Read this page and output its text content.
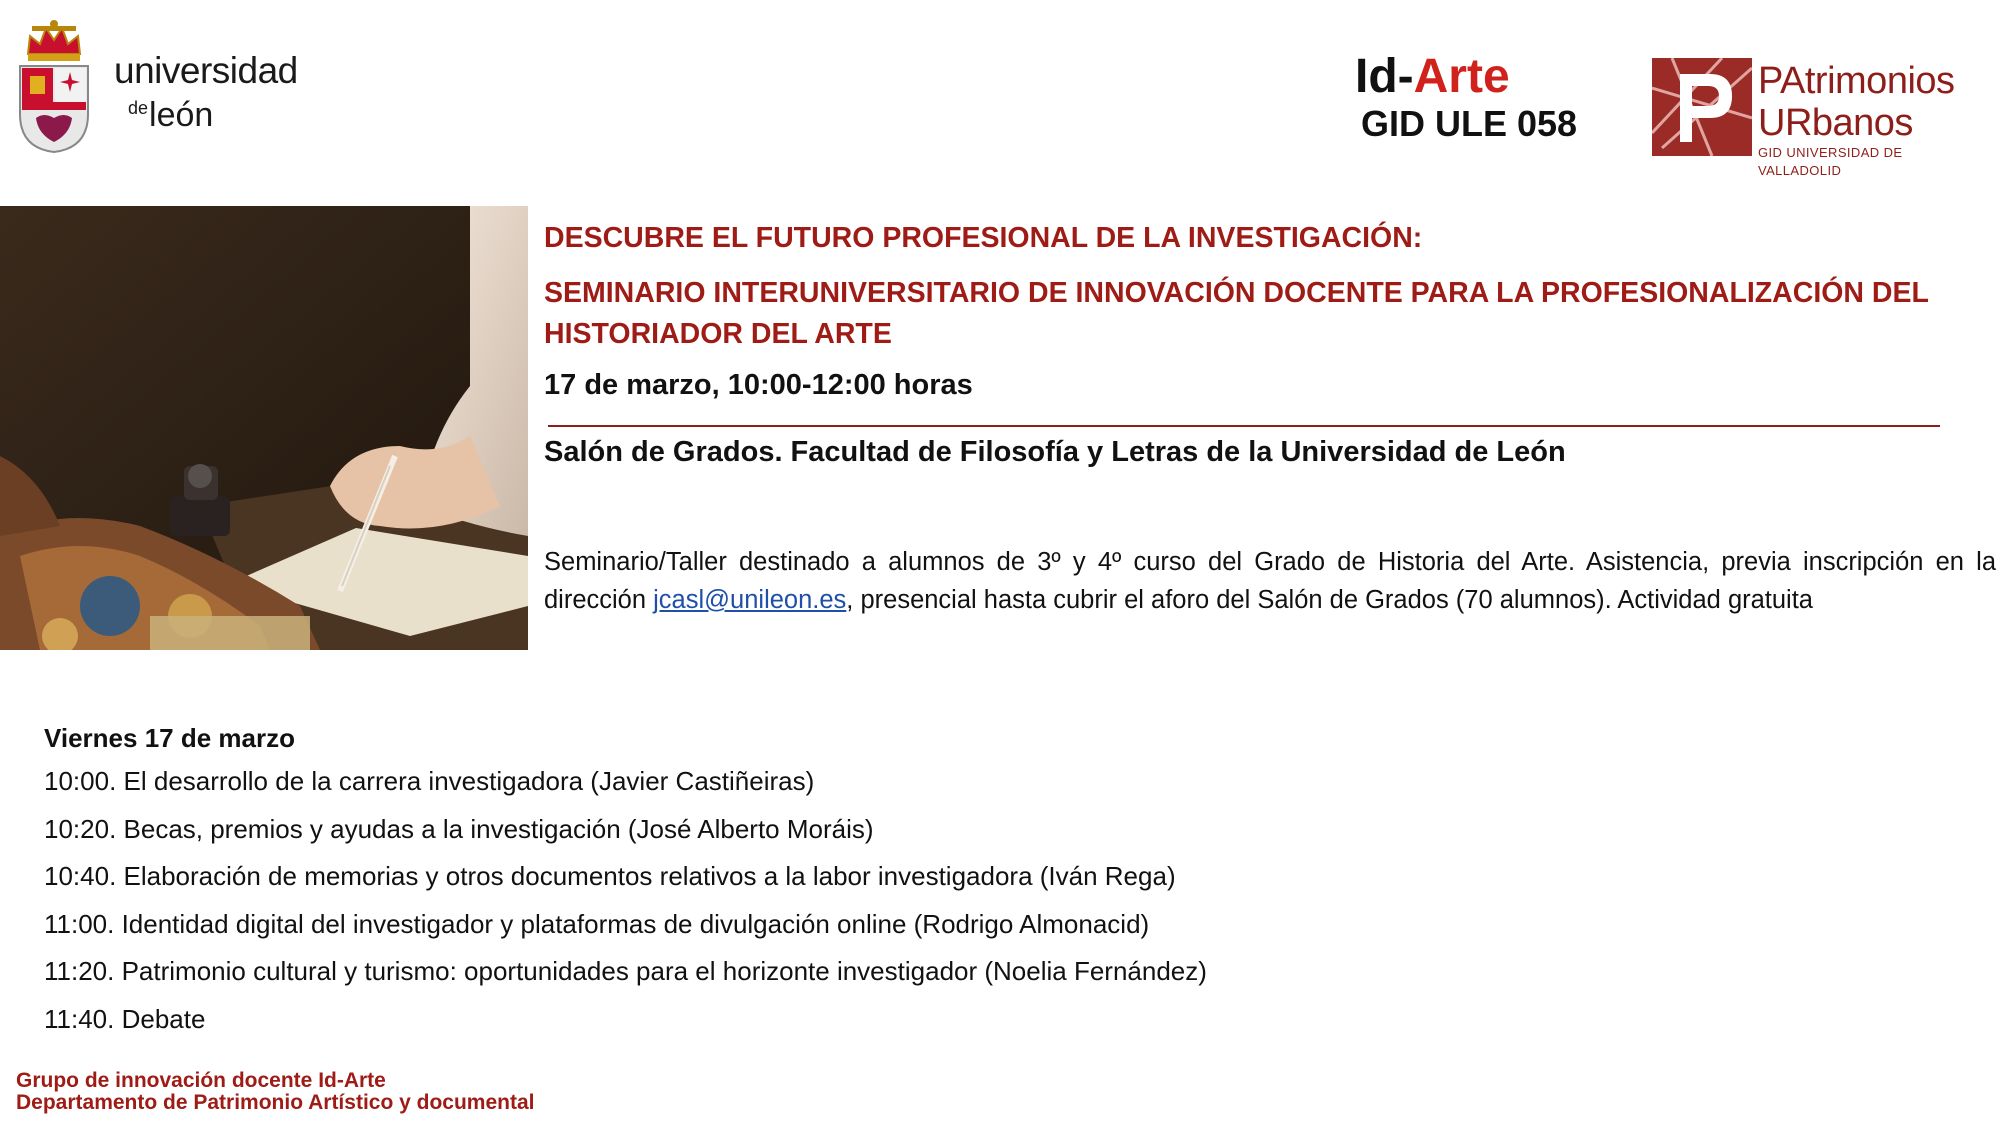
universidad
$^{de}$león
Id-Arte
GID ULE 058
PAtrimonios
URbanos
GID UNIVERSIDAD DE VALLADOLID

DESCUBRE EL FUTURO PROFESIONAL DE LA INVESTIGACIÓN:

SEMINARIO INTERUNIVERSITARIO DE INNOVACIÓN DOCENTE PARA LA PROFESIONALIZACIÓN DEL HISTORIADOR DEL ARTE

17 de marzo, 10:00-12:00 horas

Salón de Grados. Facultad de Filosofía y Letras de la Universidad de León
Seminario/Taller destinado a alumnos de 3º y 4º curso del Grado de Historia del Arte. Asistencia, previa inscripción en la dirección jcasl@unileon.es, presencial hasta cubrir el aforo del Salón de Grados (70 alumnos). Actividad gratuita
Viernes 17 de marzo
10:00. El desarrollo de la carrera investigadora (Javier Castiñeiras)
10:20. Becas, premios y ayudas a la investigación (José Alberto Moráis)
10:40. Elaboración de memorias y otros documentos relativos a la labor investigadora (Iván Rega)
11:00. Identidad digital del investigador y plataformas de divulgación online (Rodrigo Almonacid)
11:20. Patrimonio cultural y turismo: oportunidades para el horizonte investigador (Noelia Fernández)
11:40. Debate
Grupo de innovación docente Id-Arte
Departamento de Patrimonio Artístico y documental
